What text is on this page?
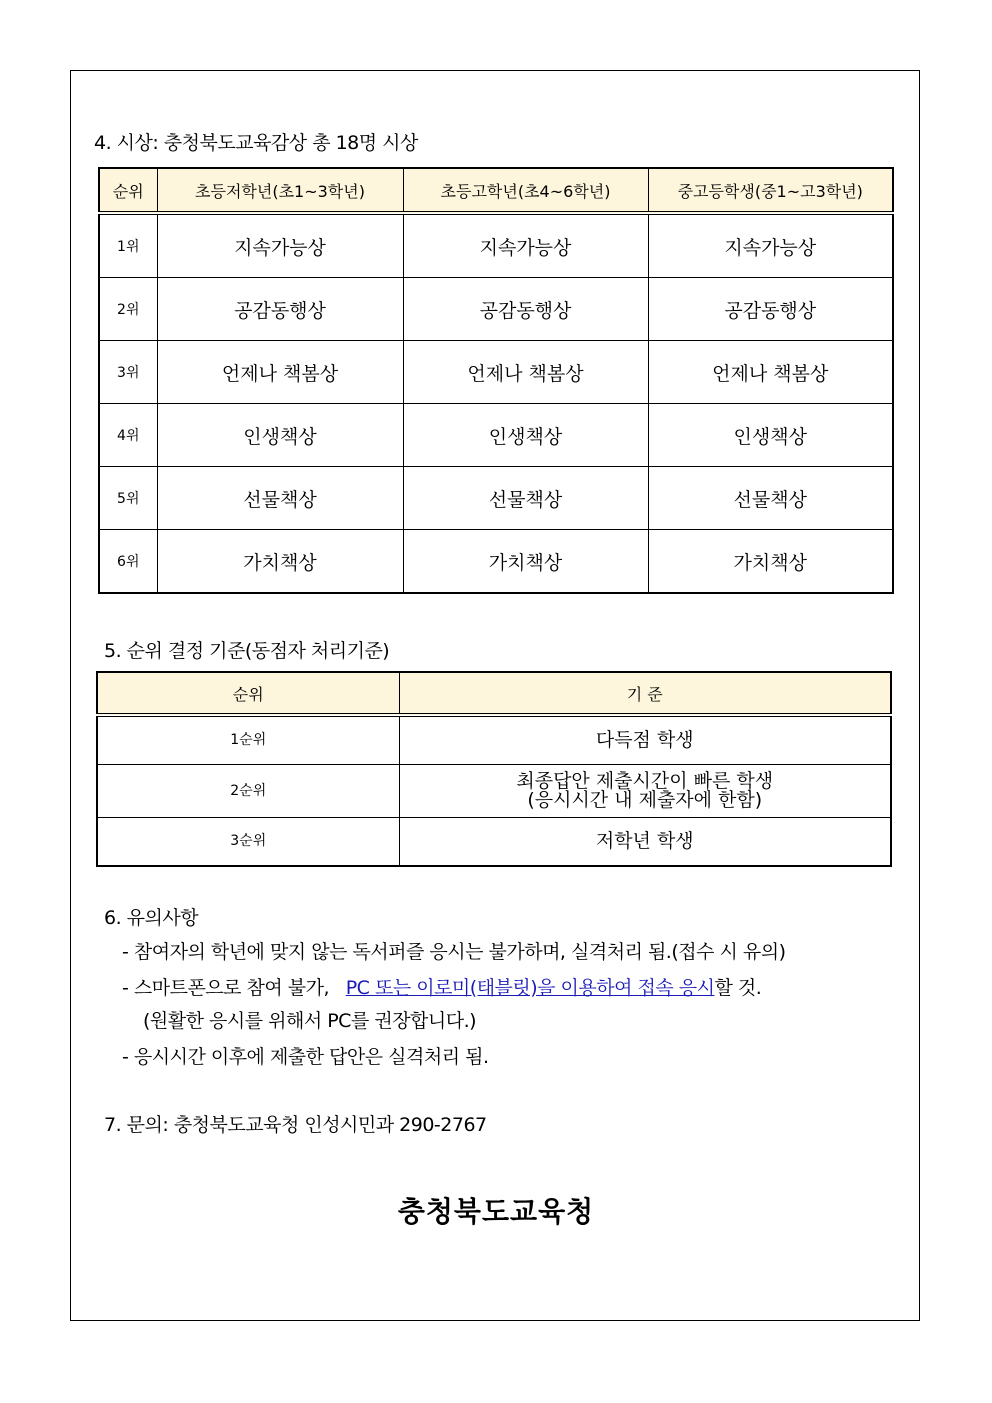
4. 시상: 충청북도교육감상 총 18명 시상
순위	초등저학년(초1~3학년)	초등고학년(초4~6학년)	중고등학생(중1~고3학년)
1위	지속가능상	지속가능상	지속가능상
2위	공감동행상	공감동행상	공감동행상
3위	언제나 책봄상	언제나 책봄상	언제나 책봄상
4위	인생책상	인생책상	인생책상
5위	선물책상	선물책상	선물책상
6위	가치책상	가치책상	가치책상
5. 순위 결정 기준(동점자 처리기준)
순위	기 준
1순위	다득점 학생
2순위	최종답안 제출시간이 빠른 학생
(응시시간 내 제출자에 한함)

3순위	저학년 학생
6. 유의사항
- 참여자의 학년에 맞지 않는 독서퍼즐 응시는 불가하며, 실격처리 됨.(접수 시 유의)
- 스마트폰으로 참여 불가, PC 또는 이로미(태블릿)을 이용하여 접속 응시할 것.
(원활한 응시를 위해서 PC를 권장합니다.)
- 응시시간 이후에 제출한 답안은 실격처리 됨.
7. 문의: 충청북도교육청 인성시민과 290-2767
충청북도교육청
